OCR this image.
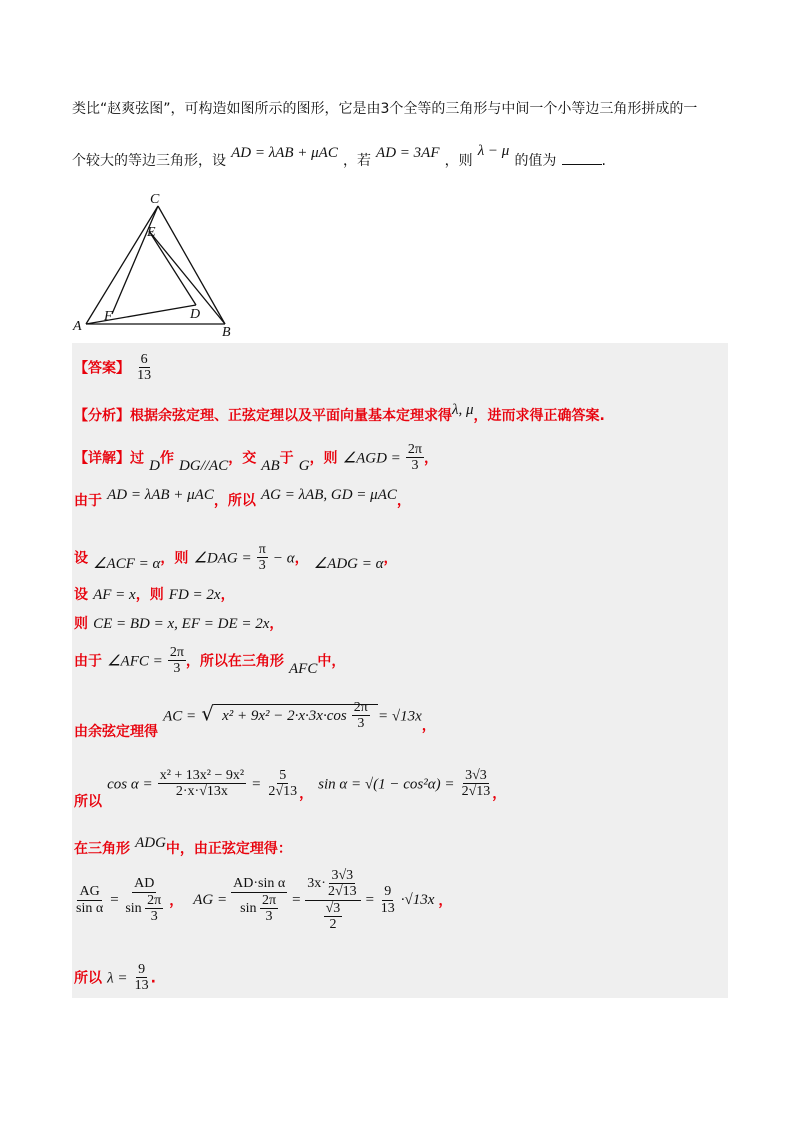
类比“赵爽弦图”，可构造如图所示的图形，它是由3个全等的三角形与中间一个小等边三角形拼成的一
个较大的等边三角形，设 AD = λAB + μAC ，若 AD = 3AF ，则 λ − μ 的值为	.
C
E
F	D
A	B
【答案】 $\frac{6}{13}$
【分析】根据余弦定理、正弦定理以及平面向量基本定理求得λ, μ，进而求得正确答案.
【详解】过 D作 DG//AC，交 AB于 G，则 ∠AGD = $\frac{2\pi}{3}$ ，
由于 AD = λAB + μAC，所以 AG = λAB, GD = μAC，
设 ∠ACF = α，则 ∠DAG = $\frac{\pi}{3} - \alpha$， ∠ADG = α，
设 AF = x，则 FD = 2x，
则 CE = BD = x, EF = DE = 2x，
由于 ∠AFC = $\frac{2\pi}{3}$ ，所以在三角形 AFC中，
由余弦定理得 AC = √ $x^2 + 9x^2 - 2\cdot x\cdot 3x\cdot\cos \frac{2\pi}{3} = √13x$，
所以 $\cos \alpha = \frac{\text{x² + 13x² − 9x²}}{2\cdot x\cdot√13x} = \frac{5}{2√13}$ ， $\sin \alpha = √(1 - \cos^2\alpha) = \frac{3√3}{2√13}$ ，
在三角形 ADG中，由正弦定理得：
$\frac{AG}{\text{sin α}} = \frac{AD}{\sin \frac{2\pi}{3}}$ ， AG = $\frac{\text{AD·sin α}}{\sin \frac{2\pi}{3}} = \frac{3x\cdot \frac{3√3}{2√13}}{\frac{√3}{2}} = \frac{9}{13} \cdot√13x$ ，
所以 $\lambda = \frac{9}{13}$ .
